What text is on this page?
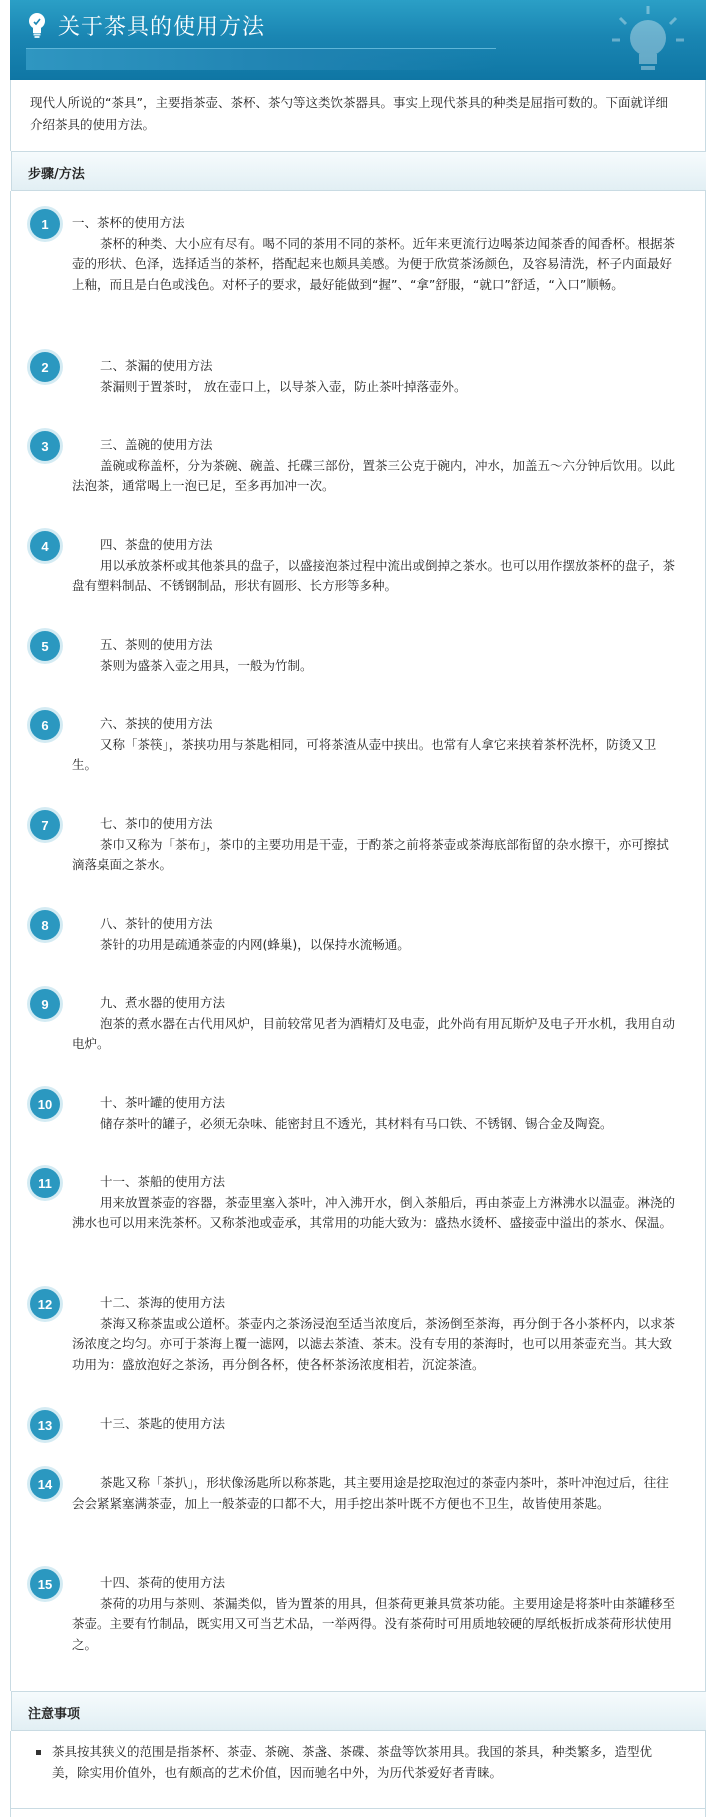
关于茶具的使用方法
现代人所说的“茶具”，主要指茶壶、茶杯、茶勺等这类饮茶器具。事实上现代茶具的种类是屈指可数的。下面就详细介绍茶具的使用方法。
步骤/方法
1	一、茶杯的使用方法
茶杯的种类、大小应有尽有。喝不同的茶用不同的茶杯。近年来更流行边喝茶边闻茶香的闻香杯。根据茶壶的形状、色泽，选择适当的茶杯，搭配起来也颇具美感。为便于欣赏茶汤颜色，及容易清洗，杯子内面最好上釉，而且是白色或浅色。对杯子的要求，最好能做到“握”、“拿”舒服，“就口”舒适，“入口”顺畅。
2	二、茶漏的使用方法
茶漏则于置茶时， 放在壶口上，以导茶入壶，防止茶叶掉落壶外。
3	三、盖碗的使用方法
盖碗或称盖杯，分为茶碗、碗盖、托碟三部份，置茶三公克于碗内，冲水，加盖五～六分钟后饮用。以此法泡茶，通常喝上一泡已足，至多再加冲一次。
4	四、茶盘的使用方法
用以承放茶杯或其他茶具的盘子，以盛接泡茶过程中流出或倒掉之茶水。也可以用作摆放茶杯的盘子，茶盘有塑料制品、不锈钢制品，形状有圆形、长方形等多种。
5	五、茶则的使用方法
茶则为盛茶入壶之用具，一般为竹制。
6	六、茶挟的使用方法
又称「茶筷」，茶挟功用与茶匙相同，可将茶渣从壶中挟出。也常有人拿它来挟着茶杯洗杯，防烫又卫生。
7	七、茶巾的使用方法
茶巾又称为「茶布」，茶巾的主要功用是干壶，于酌茶之前将茶壶或茶海底部衔留的杂水擦干，亦可擦拭滴落桌面之茶水。
8	八、茶针的使用方法
茶针的功用是疏通茶壶的内网(蜂巢)，以保持水流畅通。
9	九、煮水器的使用方法
泡茶的煮水器在古代用风炉，目前较常见者为酒精灯及电壶，此外尚有用瓦斯炉及电子开水机，我用自动电炉。
10	十、茶叶罐的使用方法
储存茶叶的罐子，必须无杂味、能密封且不透光，其材料有马口铁、不锈钢、锡合金及陶瓷。
11	十一、茶船的使用方法
用来放置茶壶的容器，茶壶里塞入茶叶，冲入沸开水，倒入茶船后，再由茶壶上方淋沸水以温壶。淋浇的沸水也可以用来洗茶杯。又称茶池或壶承，其常用的功能大致为：盛热水烫杯、盛接壶中溢出的茶水、保温。
12	十二、茶海的使用方法
茶海又称茶盅或公道杯。茶壶内之茶汤浸泡至适当浓度后，茶汤倒至茶海，再分倒于各小茶杯内，以求茶汤浓度之均匀。亦可于茶海上覆一滤网，以滤去茶渣、茶末。没有专用的茶海时，也可以用茶壶充当。其大致功用为：盛放泡好之茶汤，再分倒各杯，使各杯茶汤浓度相若，沉淀茶渣。
13	十三、茶匙的使用方法
14	茶匙又称「茶扒」，形状像汤匙所以称茶匙，其主要用途是挖取泡过的茶壶内茶叶，茶叶冲泡过后，往往会会紧紧塞满茶壶，加上一般茶壶的口都不大，用手挖出茶叶既不方便也不卫生，故皆使用茶匙。
15	十四、茶荷的使用方法
茶荷的功用与茶则、茶漏类似，皆为置茶的用具，但茶荷更兼具赏茶功能。主要用途是将茶叶由茶罐移至茶壶。主要有竹制品，既实用又可当艺术品，一举两得。没有茶荷时可用质地较硬的厚纸板折成茶荷形状使用之。
注意事项
茶具按其狭义的范围是指茶杯、茶壶、茶碗、茶盏、茶碟、茶盘等饮茶用具。我国的茶具，种类繁多，造型优美，除实用价值外，也有颇高的艺术价值，因而驰名中外，为历代茶爱好者青睐。
